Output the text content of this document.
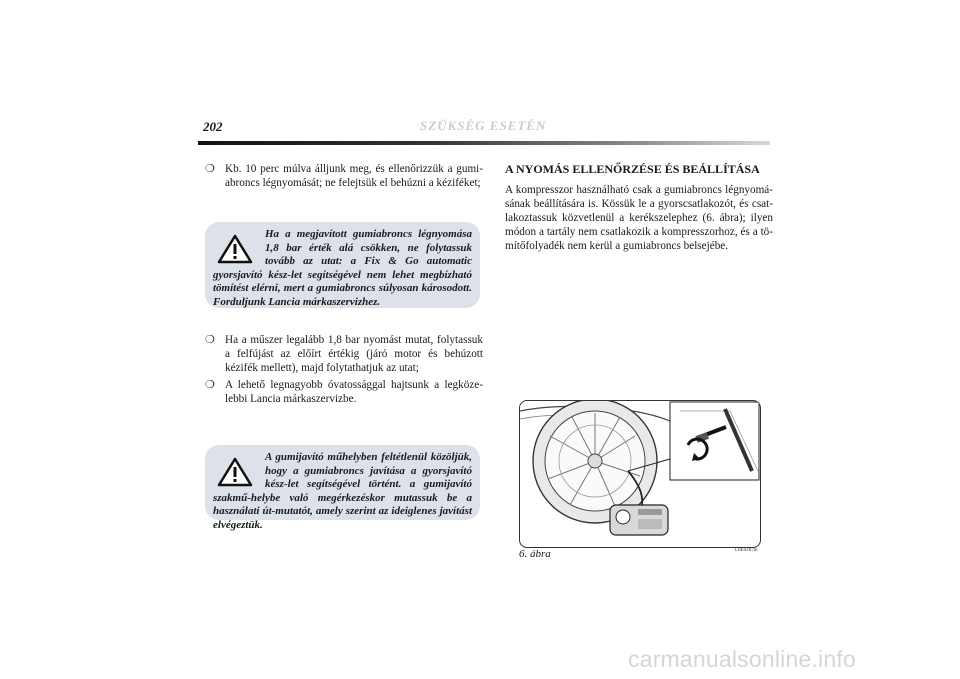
202	SZÜKSÉG ESETÉN
❍ Kb. 10 perc múlva álljunk meg, és ellenőrizzük a gumi-abroncs légnyomását; ne felejtsük el behúzni a kéziféket;
Ha a megjavított gumiabroncs légnyomása 1,8 bar érték alá csökken, ne folytassuk tovább az utat: a Fix & Go automatic gyorsjavító kész-let segítségével nem lehet megbízható tömítést elérni, mert a gumiabroncs súlyosan károsodott. Forduljunk Lancia márkaszervizhez.
❍ Ha a műszer legalább 1,8 bar nyomást mutat, folytassuk a felfújást az előírt értékig (járó motor és behúzott kézifék mellett), majd folytathatjuk az utat;
❍ A lehető legnagyobb óvatossággal hajtsunk a legköze-lebbi Lancia márkaszervizbe.
A gumijavító műhelyben feltétlenül közöljük, hogy a gumiabroncs javítása a gyorsjavító kész-let segítségével történt. a gumijavító szakmű-helybe való megérkezéskor mutassuk be a használati út-mutatót, amely szerint az ideiglenes javítást elvégeztük.
A NYOMÁS ELLENŐRZÉSE ÉS BEÁLLÍTÁSA
A kompresszor használható csak a gumiabroncs légnyomá-sának beállítására is. Kössük le a gyorscsatlakozót, és csat-lakoztassuk közvetlenül a kerékszelephez (6. ábra); ilyen módon a tartály nem csatlakozik a kompresszorhoz, és a tö-mítőfolyadék nem kerül a gumiabroncs belsejébe.
6. ábra	L0E0287m
carmanualsonline.info
